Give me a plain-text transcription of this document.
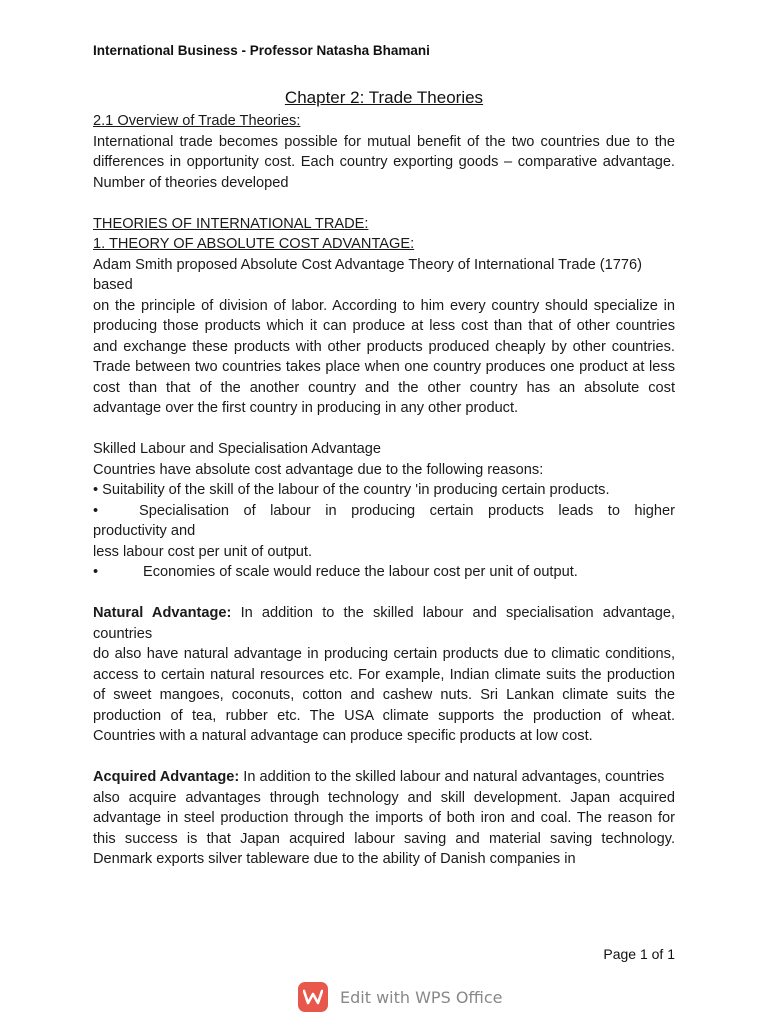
International Business - Professor Natasha Bhamani
Chapter 2: Trade Theories

2.1 Overview of Trade Theories:

International trade becomes possible for mutual benefit of the two countries due to the differences in opportunity cost. Each country exporting goods – comparative advantage. Number of theories developed

THEORIES OF INTERNATIONAL TRADE:

1. THEORY OF ABSOLUTE COST ADVANTAGE:

Adam Smith proposed Absolute Cost Advantage Theory of International Trade (1776) based

on the principle of division of labor. According to him every country should specialize in producing those products which it can produce at less cost than that of other countries and exchange these products with other products produced cheaply by other countries. Trade between two countries takes place when one country produces one product at less cost than that of the another country and the other country has an absolute cost advantage over the first country in producing in any other product.

Skilled Labour and Specialisation Advantage

Countries have absolute cost advantage due to the following reasons:

• Suitability of the skill of the labour of the country 'in producing certain products.

•	Specialisation of labour in producing certain products leads to higher

productivity and

less labour cost per unit of output.

•	Economies of scale would reduce the labour cost per unit of output.

Natural Advantage: In addition to the skilled labour and specialisation advantage, countries

do also have natural advantage in producing certain products due to climatic conditions, access to certain natural resources etc. For example, Indian climate suits the production of sweet mangoes, coconuts, cotton and cashew nuts. Sri Lankan climate suits the production of tea, rubber etc. The USA climate supports the production of wheat. Countries with a natural advantage can produce specific products at low cost.

Acquired Advantage: In addition to the skilled labour and natural advantages, countries

also acquire advantages through technology and skill development. Japan acquired advantage in steel production through the imports of both iron and coal. The reason for this success is that Japan acquired labour saving and material saving technology. Denmark exports silver tableware due to the ability of Danish companies in

Page 1 of 1
Edit with WPS Office
